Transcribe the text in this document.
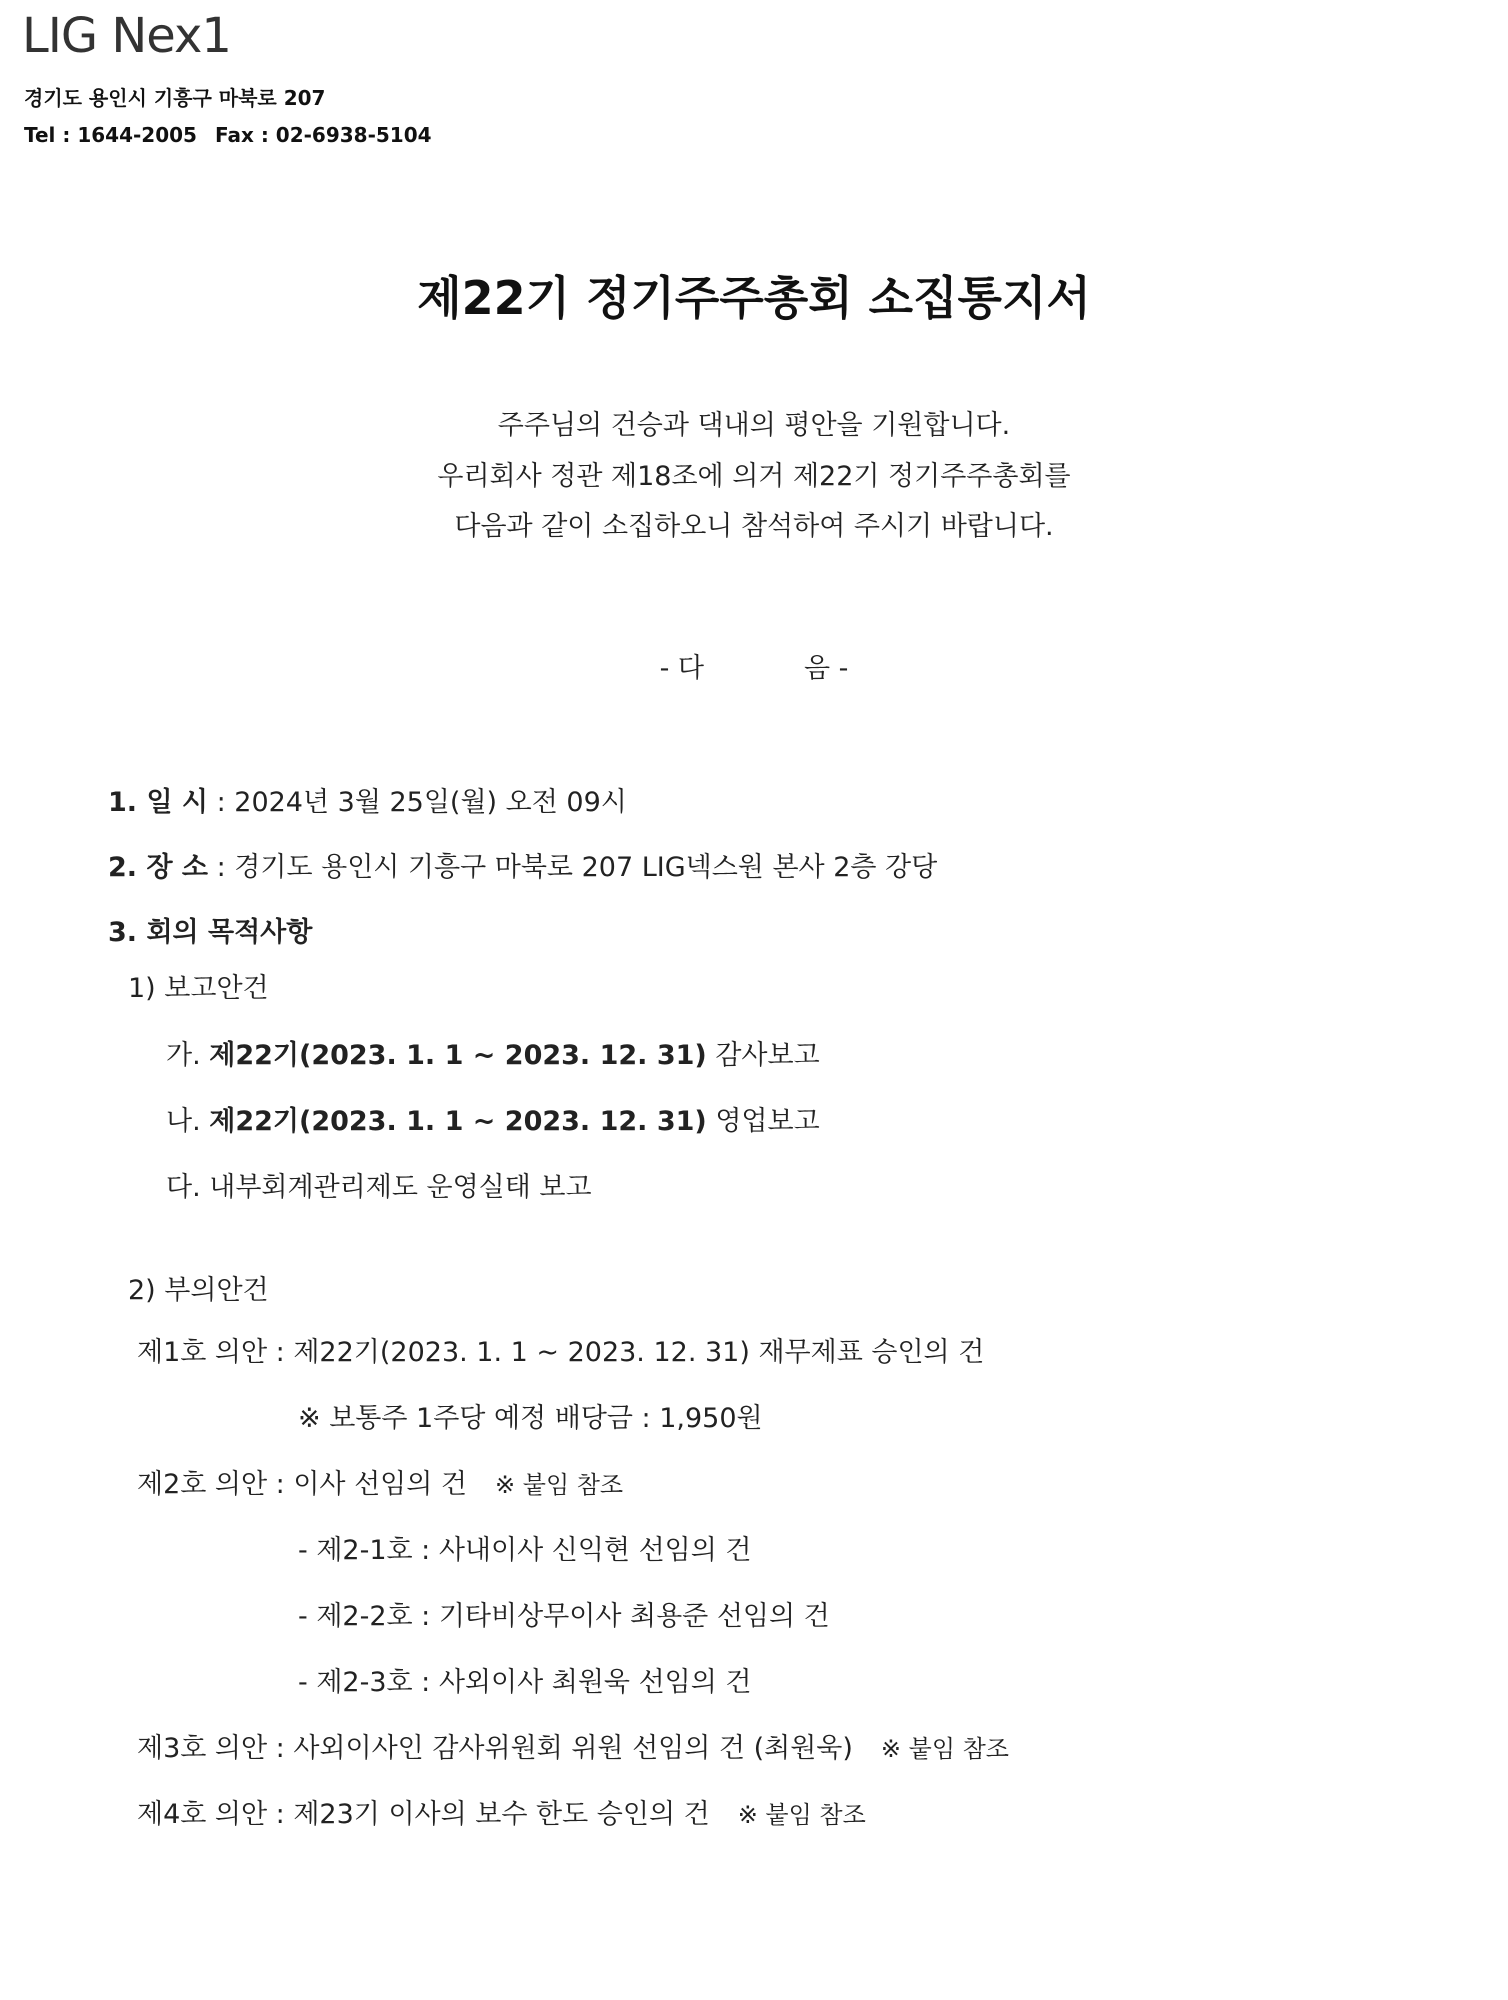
LIG Nex1
경기도 용인시 기흥구 마북로 207
Tel : 1644-2005 Fax : 02-6938-5104
제22기 정기주주총회 소집통지서
주주님의 건승과 댁내의 평안을 기원합니다.
우리회사 정관 제18조에 의거 제22기 정기주주총회를
다음과 같이 소집하오니 참석하여 주시기 바랍니다.
- 다	음 -
1. 일 시 : 2024년 3월 25일(월) 오전 09시
2. 장 소 : 경기도 용인시 기흥구 마북로 207 LIG넥스원 본사 2층 강당
3. 회의 목적사항
1) 보고안건
가. 제22기(2023. 1. 1 ~ 2023. 12. 31) 감사보고
나. 제22기(2023. 1. 1 ~ 2023. 12. 31) 영업보고
다. 내부회계관리제도 운영실태 보고
2) 부의안건
제1호 의안 : 제22기(2023. 1. 1 ~ 2023. 12. 31) 재무제표 승인의 건
※ 보통주 1주당 예정 배당금 : 1,950원
제2호 의안 : 이사 선임의 건 ※ 붙임 참조
- 제2-1호 : 사내이사 신익현 선임의 건
- 제2-2호 : 기타비상무이사 최용준 선임의 건
- 제2-3호 : 사외이사 최원욱 선임의 건
제3호 의안 : 사외이사인 감사위원회 위원 선임의 건 (최원욱) ※ 붙임 참조
제4호 의안 : 제23기 이사의 보수 한도 승인의 건 ※ 붙임 참조
